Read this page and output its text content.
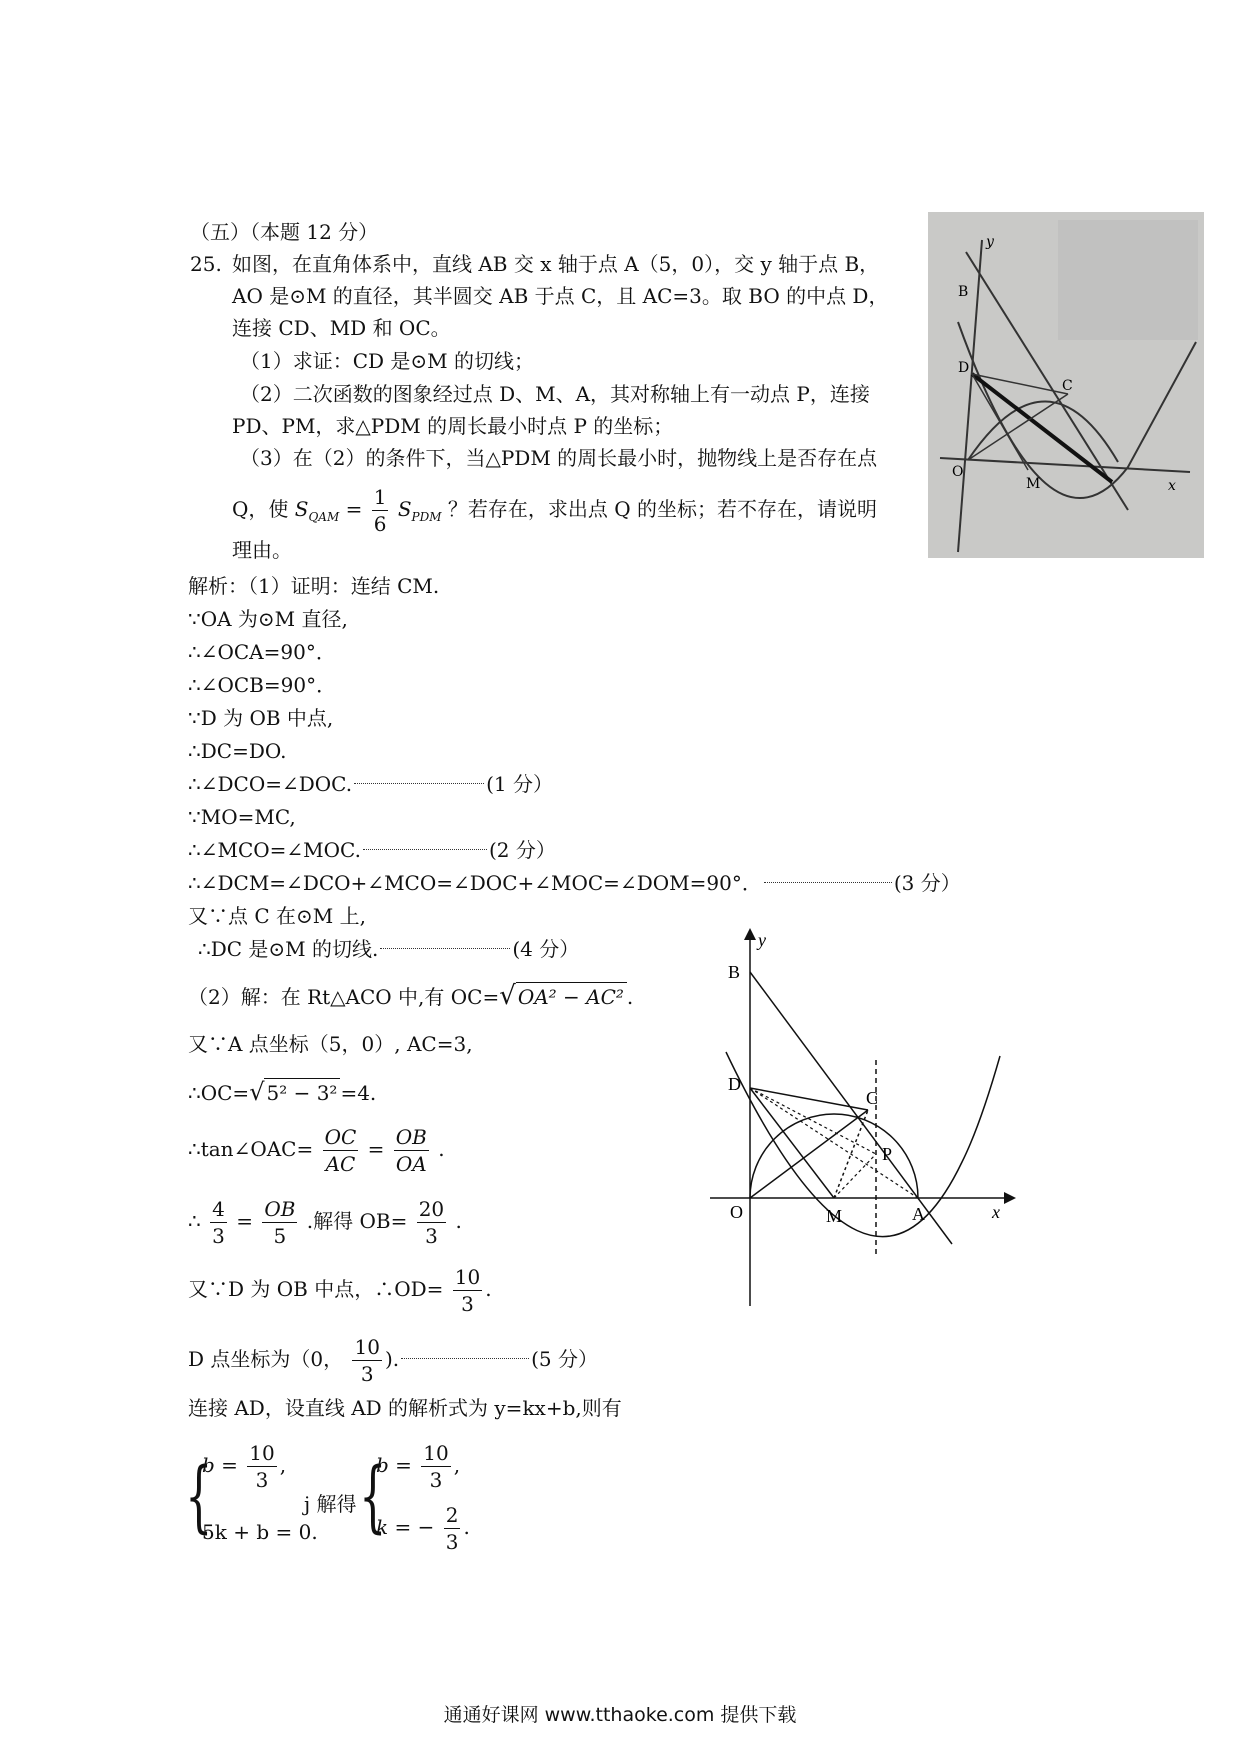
（五）（本题 12 分）
25. 如图，在直角体系中，直线 AB 交 x 轴于点 A（5，0），交 y 轴于点 B，
AO 是⊙M 的直径，其半圆交 AB 于点 C，且 AC=3。取 BO 的中点 D，
连接 CD、MD 和 OC。
（1）求证：CD 是⊙M 的切线；
（2）二次函数的图象经过点 D、M、A，其对称轴上有一动点 P，连接
PD、PM，求△PDM 的周长最小时点 P 的坐标；
（3）在（2）的条件下，当△PDM 的周长最小时，抛物线上是否存在点
Q，使 $S_{QAM} = \frac{1}{6} S_{PDM}$ ？若存在，求出点 Q 的坐标；若不存在，请说明
理由。
y
B
D
C
O
M	x
解析：（1）证明：连结 CM.
∵OA 为⊙M 直径,
∴∠OCA=90°．
∴∠OCB=90°．
∵D 为 OB 中点,
∴DC=DO.
∴∠DCO=∠DOC.	(1 分）
∵MO=MC,
∴∠MCO=∠MOC.	(2 分）
∴∠DCM=∠DCO+∠MCO=∠DOC+∠MOC=∠DOM=90°．	(3 分）
又∵点 C 在⊙M 上,
∴DC 是⊙M 的切线.	(4 分）
（2）解：在 Rt△ACO 中,有 OC=√ OA² − AC² .
又∵A 点坐标（5，0）, AC=3,
∴OC=√ 5² − 3² =4.
∴tan∠OAC= $\frac{OC}{AC} = \frac{OB}{OA}$ .
∴ $\frac{4}{3} = \frac{OB}{5}$ .解得 $OB= \frac{20}{3}$ .
又∵D 为 OB 中点，∴OD= $\frac{10}{3}$ .
D 点坐标为（0， $\frac{10}{3}$ ).	(5 分）
连接 AD，设直线 AD 的解析式为 y=kx+b,则有
{
$b = \frac{10}{3}$ ,
5k + b = 0.
j 解得 {
$b = \frac{10}{3}$ ,
k = − $\frac{2}{3}$ .
y
x
B
D
C
O	M	A
P
通通好课网 www.tthaoke.com 提供下载
